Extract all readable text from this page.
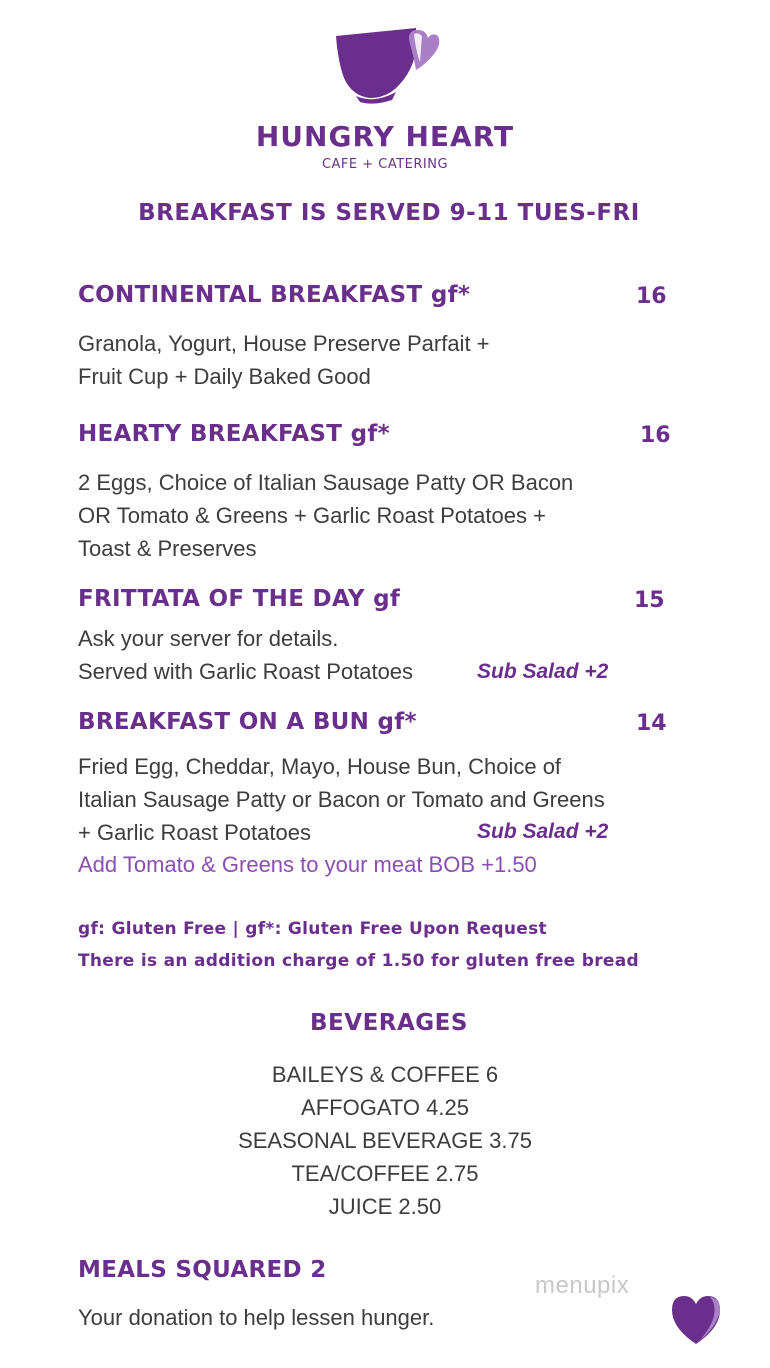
HUNGRY HEART
CAFE + CATERING
BREAKFAST IS SERVED 9-11 TUES-FRI
CONTINENTAL BREAKFAST gf*	16
Granola, Yogurt, House Preserve Parfait +
Fruit Cup + Daily Baked Good
HEARTY BREAKFAST gf*	16
2 Eggs, Choice of Italian Sausage Patty OR Bacon
OR Tomato & Greens + Garlic Roast Potatoes +
Toast & Preserves
FRITTATA OF THE DAY gf	15
Ask your server for details.
Served with Garlic Roast Potatoes	Sub Salad +2
BREAKFAST ON A BUN gf*	14
Fried Egg, Cheddar, Mayo, House Bun, Choice of
Italian Sausage Patty or Bacon or Tomato and Greens
+ Garlic Roast Potatoes	Sub Salad +2
Add Tomato & Greens to your meat BOB +1.50
gf: Gluten Free | gf*: Gluten Free Upon Request
There is an addition charge of 1.50 for gluten free bread
BEVERAGES
BAILEYS & COFFEE 6
AFFOGATO 4.25
SEASONAL BEVERAGE 3.75
TEA/COFFEE 2.75
JUICE 2.50
MEALS SQUARED 2
Your donation to help lessen hunger.
menupix
